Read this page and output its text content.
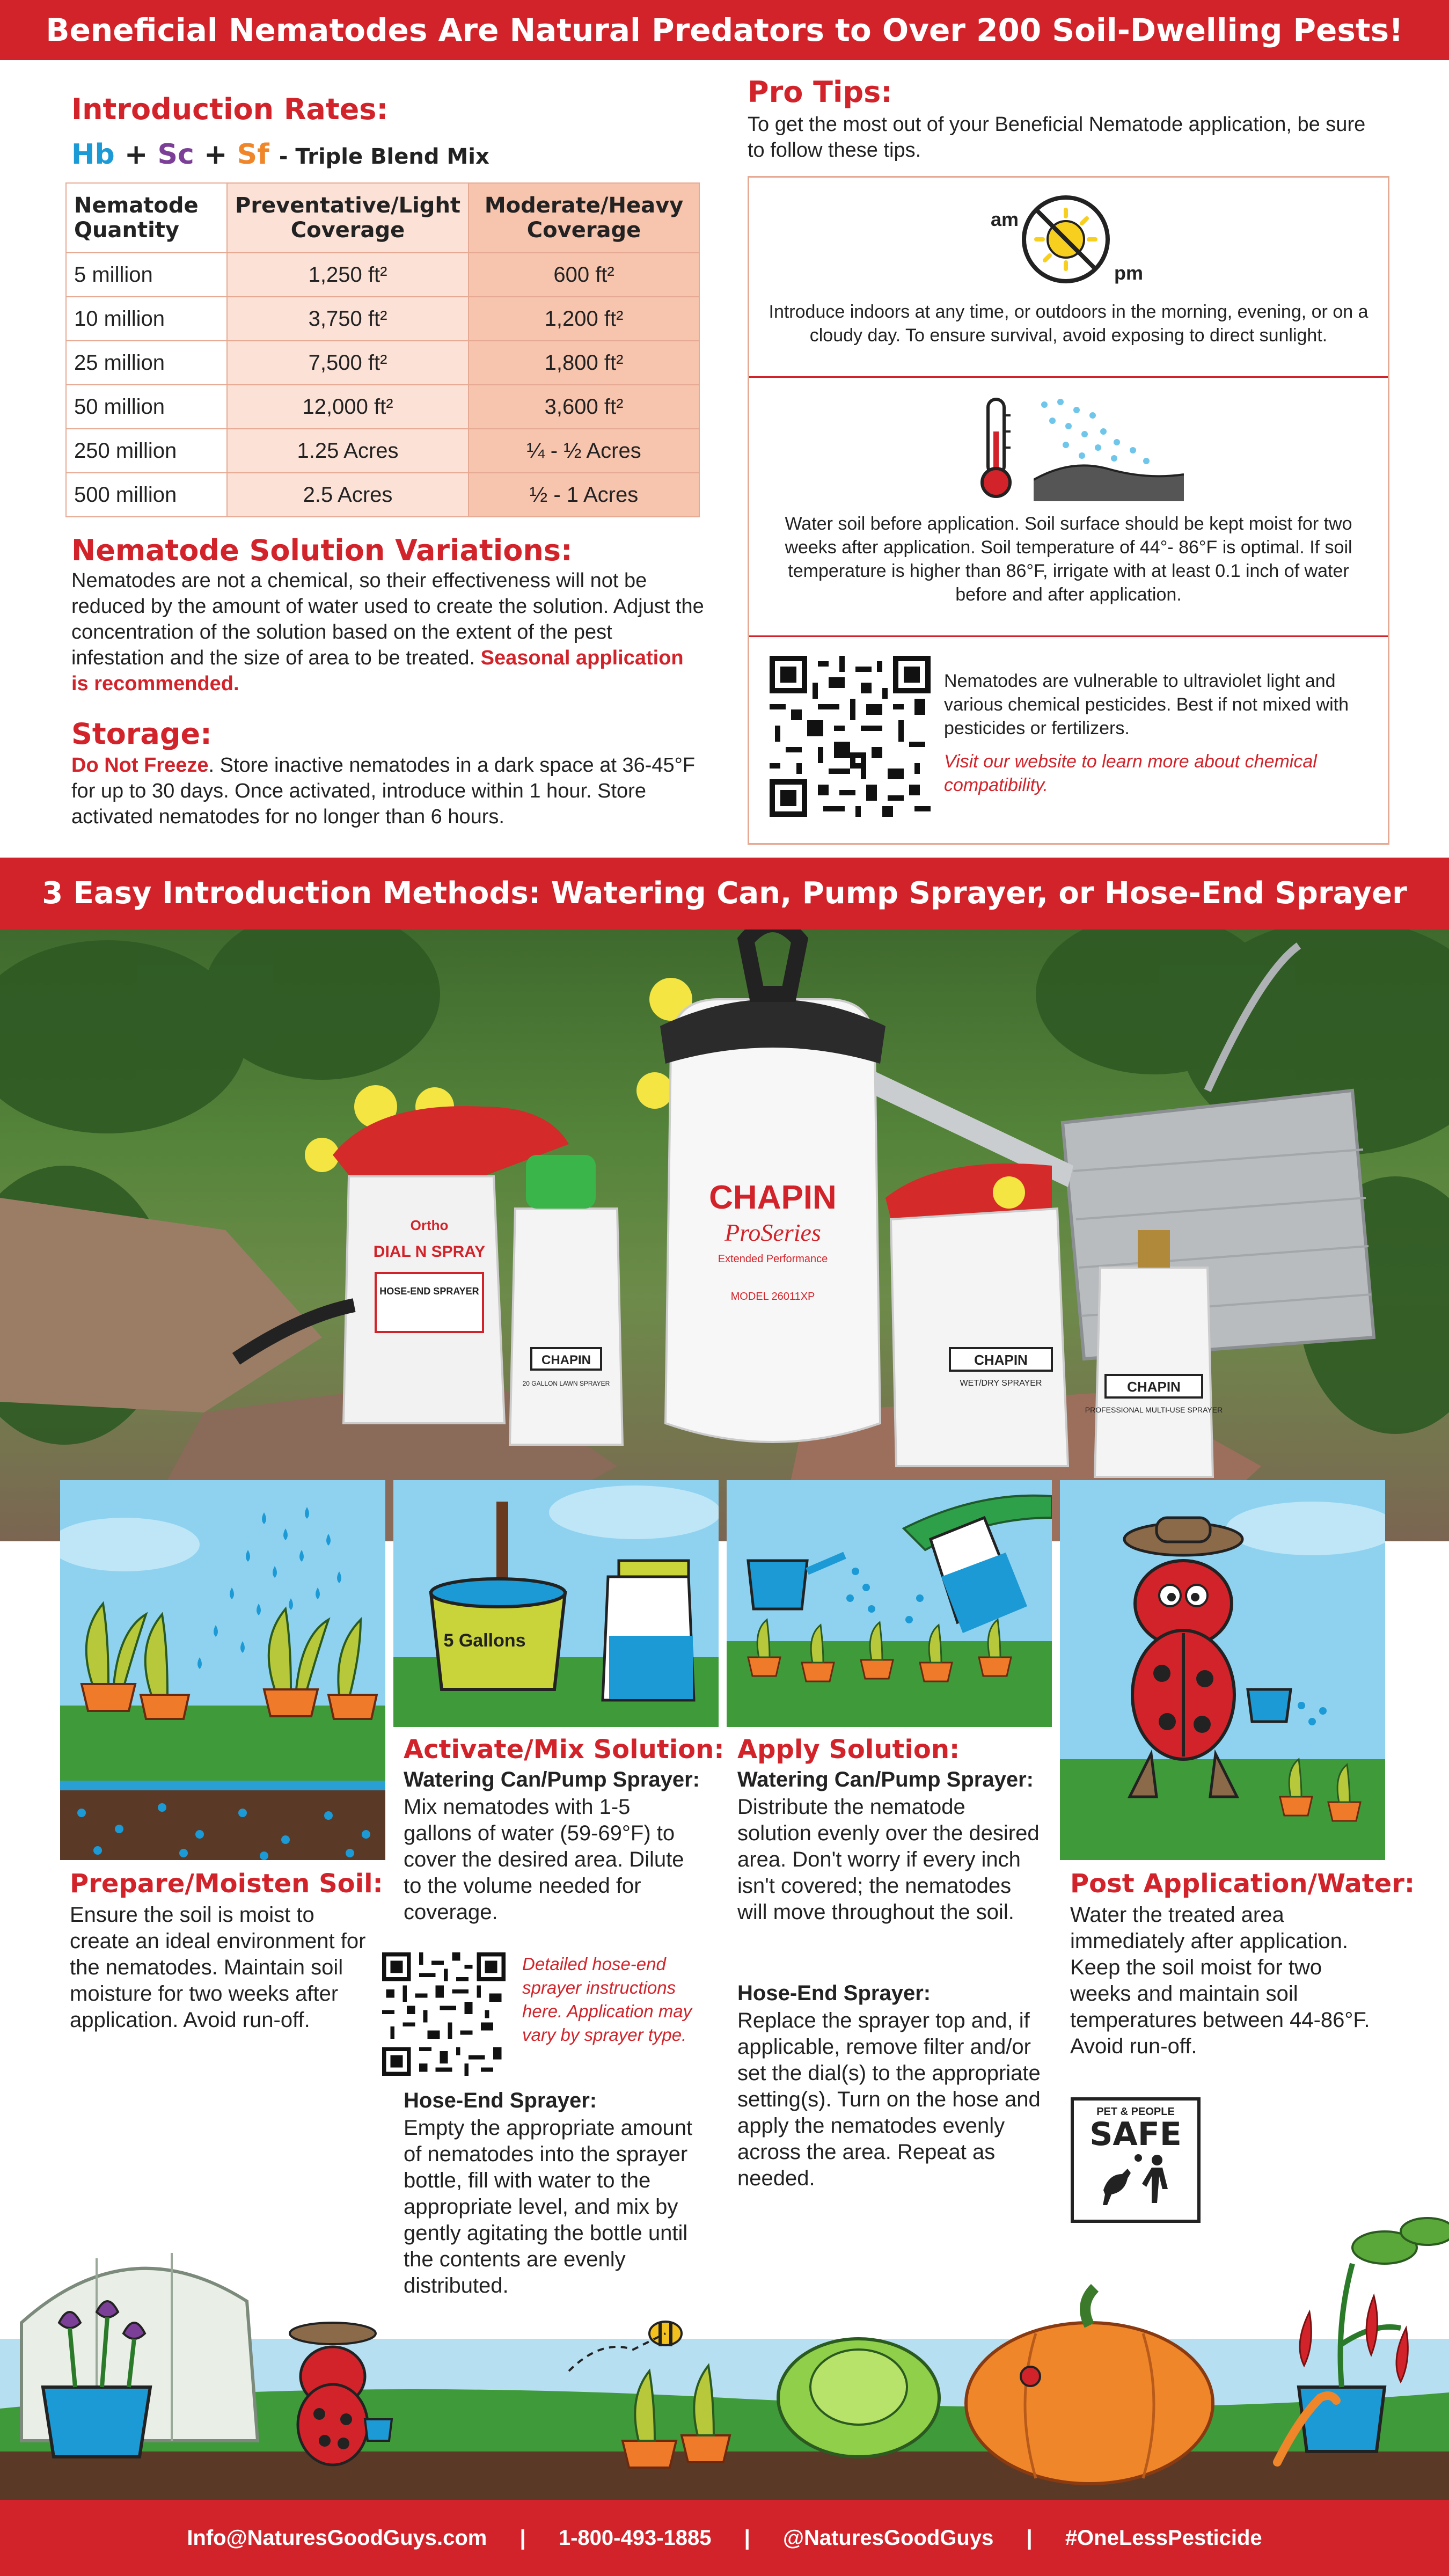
Beneficial Nematodes Are Natural Predators to Over 200 Soil-Dwelling Pests!
Introduction Rates:
Hb + Sc + Sf - Triple Blend Mix
Nematode Quantity	Preventative/Light Coverage	Moderate/Heavy Coverage
5 million	1,250 ft²	600 ft²
10 million	3,750 ft²	1,200 ft²
25 million	7,500 ft²	1,800 ft²
50 million	12,000 ft²	3,600 ft²
250 million	1.25 Acres	¼ - ½ Acres
500 million	2.5 Acres	½ - 1 Acres
Nematode Solution Variations:
Nematodes are not a chemical, so their effectiveness will not be reduced by the amount of water used to create the solution. Adjust the concentration of the solution based on the extent of the pest infestation and the size of area to be treated. Seasonal application is recommended.
Storage:
Do Not Freeze. Store inactive nematodes in a dark space at 36-45°F for up to 30 days. Once activated, introduce within 1 hour. Store activated nematodes for no longer than 6 hours.
Pro Tips:
To get the most out of your Beneficial Nematode application, be sure to follow these tips.
am
pm
Introduce indoors at any time, or outdoors in the morning, evening, or on a cloudy day. To ensure survival, avoid exposing to direct sunlight.
Water soil before application. Soil surface should be kept moist for two weeks after application. Soil temperature of 44°- 86°F is optimal. If soil temperature is higher than 86°F, irrigate with at least 0.1 inch of water before and after application.
Nematodes are vulnerable to ultraviolet light and various chemical pesticides. Best if not mixed with pesticides or fertilizers.
Visit our website to learn more about chemical compatibility.
3 Easy Introduction Methods: Watering Can, Pump Sprayer, or Hose-End Sprayer
CHAPIN
ProSeries
Extended Performance
MODEL 26011XP
Ortho
DIAL N SPRAY
HOSE-END SPRAYER
CHAPIN
20 GALLON LAWN SPRAYER
CHAPIN
WET/DRY SPRAYER	CHAPIN
PROFESSIONAL MULTI-USE SPRAYER
5 Gallons
Prepare/Moisten Soil:
Ensure the soil is moist to create an ideal environment for the nematodes. Maintain soil moisture for two weeks after application. Avoid run-off.
Activate/Mix Solution:
Watering Can/Pump Sprayer:
Mix nematodes with 1-5 gallons of water (59-69°F) to cover the desired area. Dilute to the volume needed for coverage.
Detailed hose-end sprayer instructions here. Application may vary by sprayer type.
Hose-End Sprayer:
Empty the appropriate amount of nematodes into the sprayer bottle, fill with water to the appropriate level, and mix by gently agitating the bottle until the contents are evenly distributed.
Apply Solution:
Watering Can/Pump Sprayer:
Distribute the nematode solution evenly over the desired area. Don't worry if every inch isn't covered; the nematodes will move throughout the soil.
Hose-End Sprayer:
Replace the sprayer top and, if applicable, remove filter and/or set the dial(s) to the appropriate setting(s). Turn on the hose and apply the nematodes evenly across the area. Repeat as needed.
Post Application/Water:
Water the treated area immediately after application. Keep the soil moist for two weeks and maintain soil temperatures between 44-86°F. Avoid run-off.
PET & PEOPLE
SAFE
Info@NaturesGoodGuys.com | 1-800-493-1885 | @NaturesGoodGuys | #OneLessPesticide
